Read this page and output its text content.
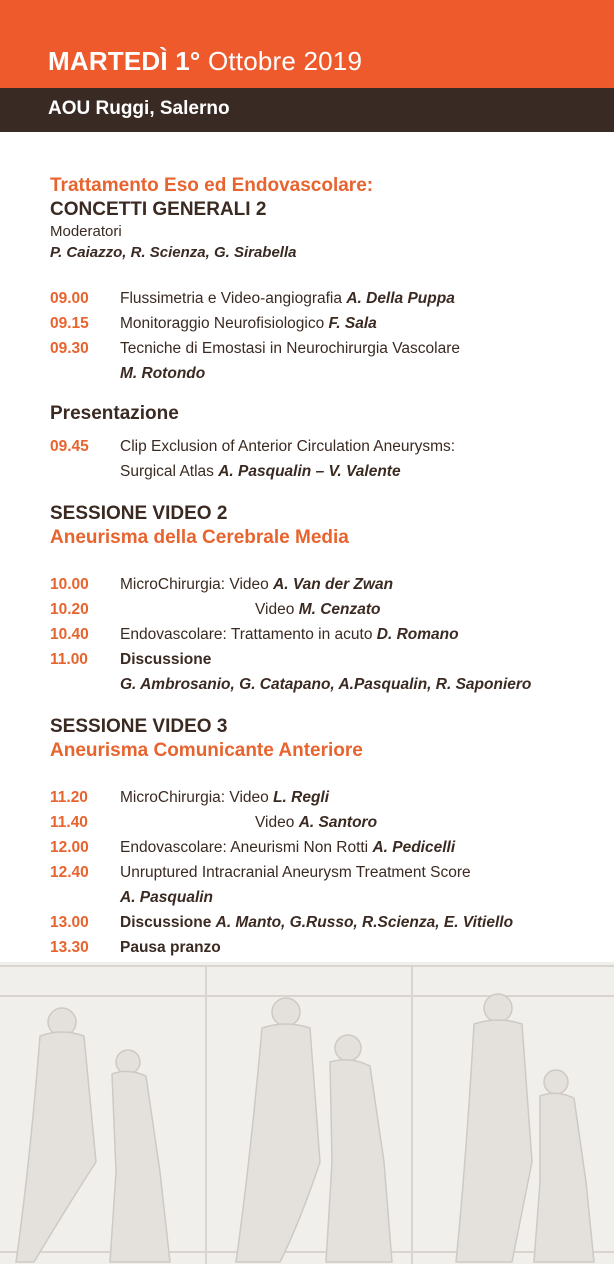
MARTEDÌ 1° Ottobre 2019
AOU Ruggi, Salerno
Trattamento Eso ed Endovascolare:
CONCETTI GENERALI 2
Moderatori
P. Caiazzo, R. Scienza, G. Sirabella
09.00	Flussimetria e Video-angiografia A. Della Puppa
09.15	Monitoraggio Neurofisiologico F. Sala
09.30	Tecniche di Emostasi in Neurochirurgia Vascolare
M. Rotondo
Presentazione
09.45	Clip Exclusion of Anterior Circulation Aneurysms:
Surgical Atlas A. Pasqualin – V. Valente
SESSIONE VIDEO 2
Aneurisma della Cerebrale Media
10.00	MicroChirurgia: Video A. Van der Zwan
10.20	Video M. Cenzato
10.40	Endovascolare: Trattamento in acuto D. Romano
11.00	Discussione
G. Ambrosanio, G. Catapano, A.Pasqualin, R. Saponiero
SESSIONE VIDEO 3
Aneurisma Comunicante Anteriore
11.20	MicroChirurgia: Video L. Regli
11.40	Video A. Santoro
12.00	Endovascolare: Aneurismi Non Rotti A. Pedicelli
12.40	Unruptured Intracranial Aneurysm Treatment Score
A. Pasqualin
13.00	Discussione A. Manto, G.Russo, R.Scienza, E. Vitiello
13.30	Pausa pranzo
